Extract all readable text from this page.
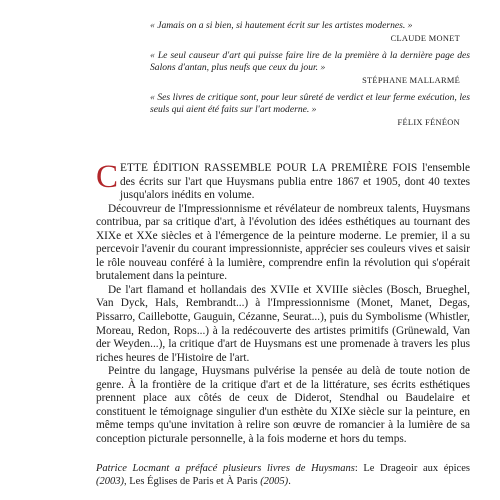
« Jamais on a si bien, si hautement écrit sur les artistes modernes. »

CLAUDE MONET

« Le seul causeur d'art qui puisse faire lire de la première à la dernière page des Salons d'antan, plus neufs que ceux du jour. »

STÉPHANE MALLARMÉ

« Ses livres de critique sont, pour leur sûreté de verdict et leur ferme exécution, les seuls qui aient été faits sur l'art moderne. »

FÉLIX FÉNÉON

CETTE ÉDITION RASSEMBLE POUR LA PREMIÈRE FOIS l'ensemble des écrits sur l'art que Huysmans publia entre 1867 et 1905, dont 40 textes jusqu'alors inédits en volume.

Découvreur de l'Impressionnisme et révélateur de nombreux talents, Huysmans contribua, par sa critique d'art, à l'évolution des idées esthétiques au tournant des XIXe et XXe siècles et à l'émergence de la peinture moderne. Le premier, il a su percevoir l'avenir du courant impressionniste, apprécier ses couleurs vives et saisir le rôle nouveau conféré à la lumière, comprendre enfin la révolution qui s'opérait brutalement dans la peinture.

De l'art flamand et hollandais des XVIIe et XVIIIe siècles (Bosch, Brueghel, Van Dyck, Hals, Rembrandt...) à l'Impressionnisme (Monet, Manet, Degas, Pissarro, Caillebotte, Gauguin, Cézanne, Seurat...), puis du Symbolisme (Whistler, Moreau, Redon, Rops...) à la redécouverte des artistes primitifs (Grünewald, Van der Weyden...), la critique d'art de Huysmans est une promenade à travers les plus riches heures de l'Histoire de l'art.

Peintre du langage, Huysmans pulvérise la pensée au delà de toute notion de genre. À la frontière de la critique d'art et de la littérature, ses écrits esthétiques prennent place aux côtés de ceux de Diderot, Stendhal ou Baudelaire et constituent le témoignage singulier d'un esthète du XIXe siècle sur la peinture, en même temps qu'une invitation à relire son œuvre de romancier à la lumière de sa conception picturale personnelle, à la fois moderne et hors du temps.

Patrice Locmant a préfacé plusieurs livres de Huysmans: Le Drageoir aux épices (2003), Les Églises de Paris et À Paris (2005).
